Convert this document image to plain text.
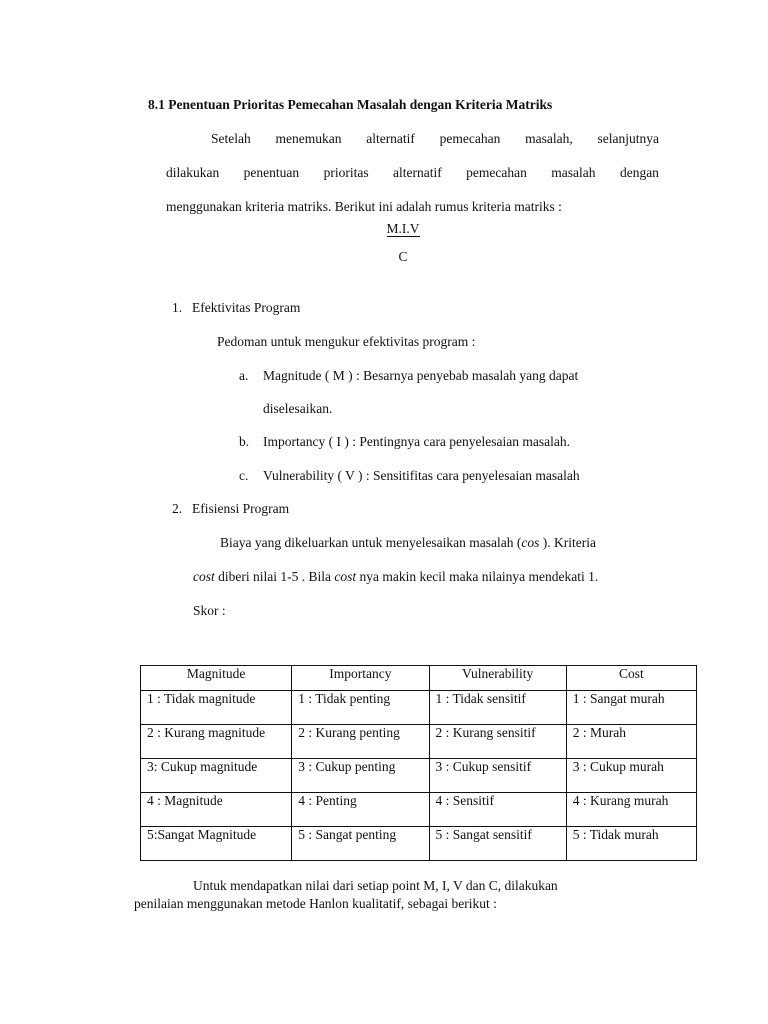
8.1 Penentuan Prioritas Pemecahan Masalah dengan Kriteria Matriks
Setelah menemukan alternatif pemecahan masalah, selanjutnya
dilakukan penentuan prioritas alternatif pemecahan masalah dengan
menggunakan kriteria matriks. Berikut ini adalah rumus kriteria matriks :
M.I.V
C
1. Efektivitas Program
Pedoman untuk mengukur efektivitas program :
a. Magnitude ( M ) : Besarnya penyebab masalah yang dapat
diselesaikan.
b. Importancy ( I ) : Pentingnya cara penyelesaian masalah.
c. Vulnerability ( V ) : Sensitifitas cara penyelesaian masalah
2. Efisiensi Program
Biaya yang dikeluarkan untuk menyelesaikan masalah (cos ). Kriteria
cost diberi nilai 1-5 . Bila cost nya makin kecil maka nilainya mendekati 1.
Skor :
Magnitude	Importancy	Vulnerability	Cost
1 : Tidak magnitude	1 : Tidak penting	1 : Tidak sensitif	1 : Sangat murah
2 : Kurang magnitude	2 : Kurang penting	2 : Kurang sensitif	2 : Murah
3: Cukup magnitude	3 : Cukup penting	3 : Cukup sensitif	3 : Cukup murah
4 : Magnitude	4 : Penting	4 : Sensitif	4 : Kurang murah
5:Sangat Magnitude	5 : Sangat penting	5 : Sangat sensitif	5 : Tidak murah
Untuk mendapatkan nilai dari setiap point M, I, V dan C, dilakukan
penilaian menggunakan metode Hanlon kualitatif, sebagai berikut :
